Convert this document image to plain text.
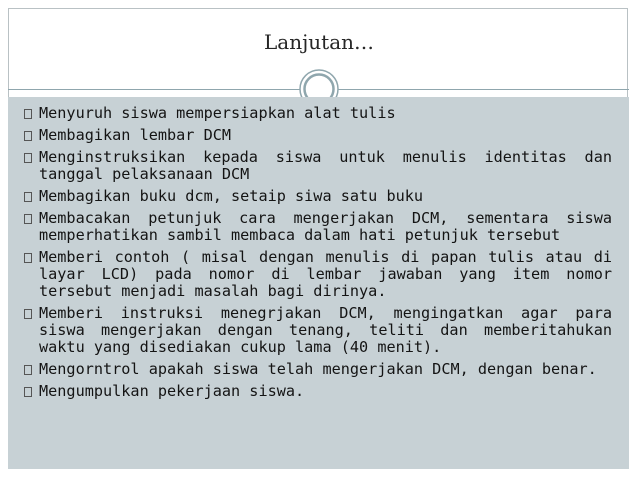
Lanjutan…
Menyuruh siswa mempersiapkan alat tulis
Membagikan lembar DCM
Menginstruksikan kepada siswa untuk menulis identitas dan tanggal pelaksanaan DCM
Membagikan buku dcm, setaip siwa satu buku
Membacakan petunjuk cara mengerjakan DCM, sementara siswa memperhatikan sambil membaca dalam hati petunjuk tersebut
Memberi contoh ( misal dengan menulis di papan tulis atau di layar LCD) pada nomor di lembar jawaban yang item nomor tersebut menjadi masalah bagi dirinya.
Memberi instruksi menegrjakan DCM, mengingatkan agar para siswa mengerjakan dengan tenang, teliti dan memberitahukan waktu yang disediakan cukup lama (40 menit).
Mengorntrol apakah siswa telah mengerjakan DCM, dengan benar.
Mengumpulkan pekerjaan siswa.
